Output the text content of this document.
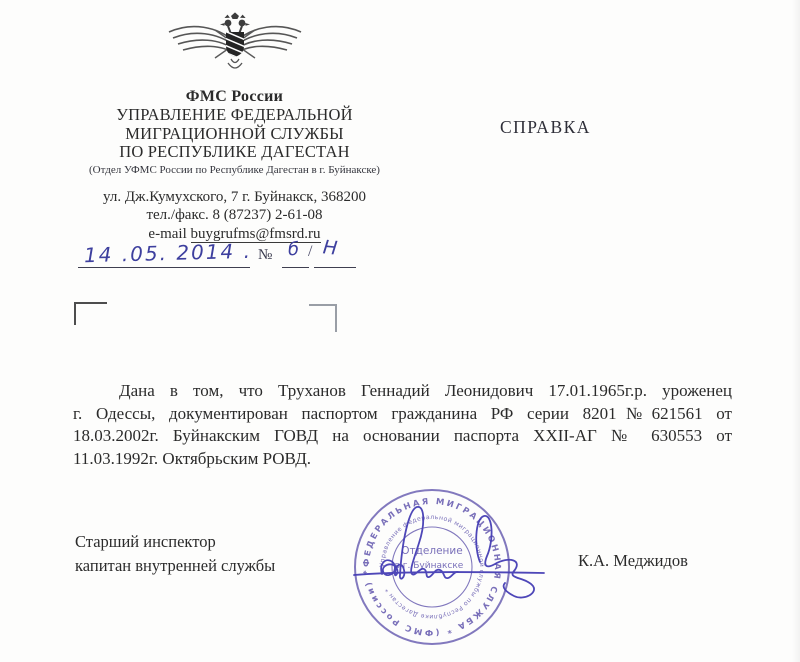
ФМС России
УПРАВЛЕНИЕ ФЕДЕРАЛЬНОЙ
МИГРАЦИОННОЙ СЛУЖБЫ
ПО РЕСПУБЛИКЕ ДАГЕСТАН
(Отдел УФМС России по Республике Дагестан в г. Буйнакске)
ул. Дж.Кумухского, 7 г. Буйнакск, 368200
тел./факс. 8 (87237) 2-61-08
e-mail buygrufms@fmsrd.ru
14 .05. 2014 . № б / Н
СПРАВКА
Дана в том, что Труханов Геннадий Леонидович 17.01.1965г.р. уроженец
г. Одессы, документирован паспортом гражданина РФ серии 8201№621561 от
18.03.2002г. Буйнакским ГОВД на основании паспорта XXII-АГ № 630553 от
11.03.1992г. Октябрьским РОВД.
Старший инспектор
капитан внутренней службы	К.А. Меджидов
ФЕДЕРАЛЬНАЯ МИГРАЦИОННАЯ СЛУЖБА * (ФМС России) *
Управление федеральной миграционной службы по Республике Дагестан *
Отделение
в г. Буйнакске
